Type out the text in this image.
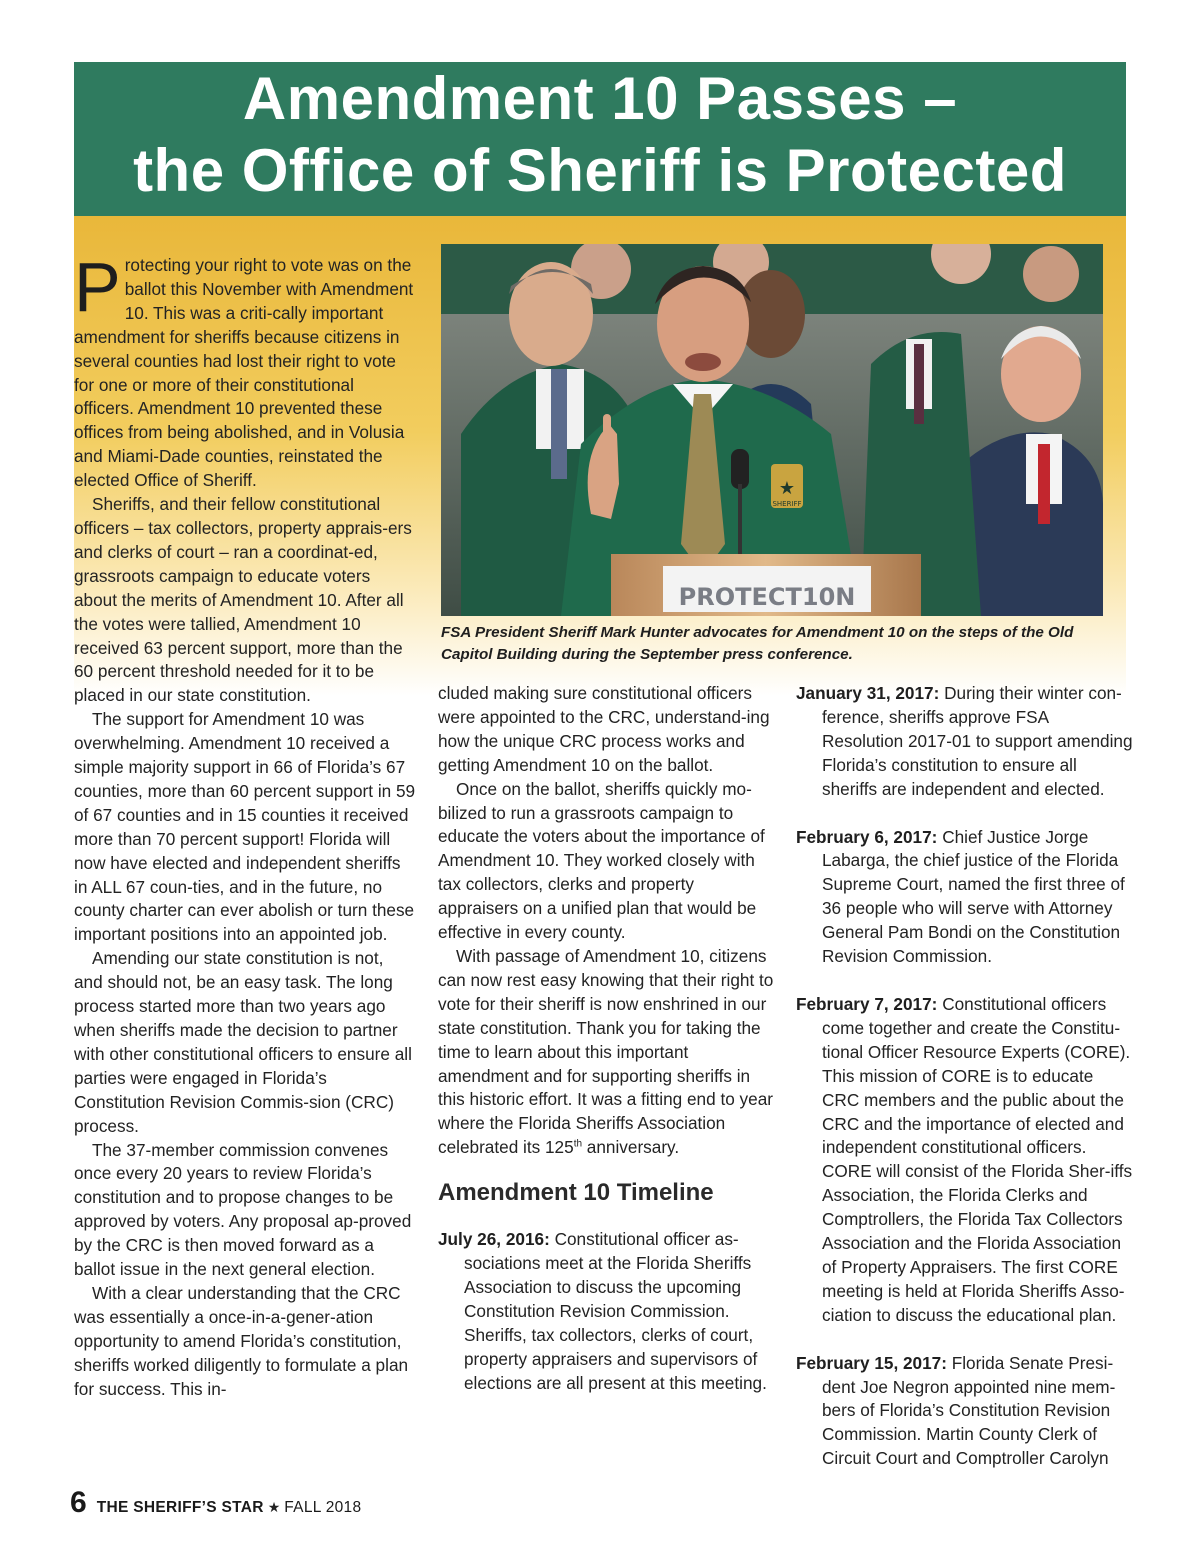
Amendment 10 Passes –
the Office of Sheriff is Protected
★
SHERIFF
PROTECT10N
FSA President Sheriff Mark Hunter advocates for Amendment 10 on the steps of the Old Capitol Building during the September press conference.

Protecting your right to vote was on the ballot this November with Amendment 10. This was a criti-cally important amendment for sheriffs because citizens in several counties had lost their right to vote for one or more of their constitutional officers. Amendment 10 prevented these offices from being abolished, and in Volusia and Miami-Dade counties, reinstated the elected Office of Sheriff.

Sheriffs, and their fellow constitutional officers – tax collectors, property apprais-ers and clerks of court – ran a coordinat-ed, grassroots campaign to educate voters about the merits of Amendment 10. After all the votes were tallied, Amendment 10 received 63 percent support, more than the 60 percent threshold needed for it to be placed in our state constitution.

The support for Amendment 10 was overwhelming. Amendment 10 received a simple majority support in 66 of Florida’s 67 counties, more than 60 percent support in 59 of 67 counties and in 15 counties it received more than 70 percent support! Florida will now have elected and independent sheriffs in ALL 67 coun-ties, and in the future, no county charter can ever abolish or turn these important positions into an appointed job.

Amending our state constitution is not, and should not, be an easy task. The long process started more than two years ago when sheriffs made the decision to partner with other constitutional officers to ensure all parties were engaged in Florida’s Constitution Revision Commis-sion (CRC) process.

The 37-member commission convenes once every 20 years to review Florida’s constitution and to propose changes to be approved by voters. Any proposal ap-proved by the CRC is then moved forward as a ballot issue in the next general election.

With a clear understanding that the CRC was essentially a once-in-a-gener-ation opportunity to amend Florida’s constitution, sheriffs worked diligently to formulate a plan for success. This in-

cluded making sure constitutional officers were appointed to the CRC, understand-ing how the unique CRC process works and getting Amendment 10 on the ballot.

Once on the ballot, sheriffs quickly mo-bilized to run a grassroots campaign to educate the voters about the importance of Amendment 10. They worked closely with tax collectors, clerks and property appraisers on a unified plan that would be effective in every county.

With passage of Amendment 10, citizens can now rest easy knowing that their right to vote for their sheriff is now enshrined in our state constitution. Thank you for taking the time to learn about this important amendment and for supporting sheriffs in this historic effort. It was a fitting end to year where the Florida Sheriffs Association celebrated its 125th anniversary.

Amendment 10 Timeline

July 26, 2016: Constitutional officer as-sociations meet at the Florida Sheriffs Association to discuss the upcoming Constitution Revision Commission. Sheriffs, tax collectors, clerks of court, property appraisers and supervisors of elections are all present at this meeting.

January 31, 2017: During their winter con-ference, sheriffs approve FSA Resolution 2017-01 to support amending Florida’s constitution to ensure all sheriffs are independent and elected.

February 6, 2017: Chief Justice Jorge Labarga, the chief justice of the Florida Supreme Court, named the first three of 36 people who will serve with Attorney General Pam Bondi on the Constitution Revision Commission.

February 7, 2017: Constitutional officers come together and create the Constitu-tional Officer Resource Experts (CORE). This mission of CORE is to educate CRC members and the public about the CRC and the importance of elected and independent constitutional officers. CORE will consist of the Florida Sher-iffs Association, the Florida Clerks and Comptrollers, the Florida Tax Collectors Association and the Florida Association of Property Appraisers. The first CORE meeting is held at Florida Sheriffs Asso-ciation to discuss the educational plan.

February 15, 2017: Florida Senate Presi-dent Joe Negron appointed nine mem-bers of Florida’s Constitution Revision Commission. Martin County Clerk of Circuit Court and Comptroller Carolyn

6 THE SHERIFF’S STAR ★ FALL 2018
